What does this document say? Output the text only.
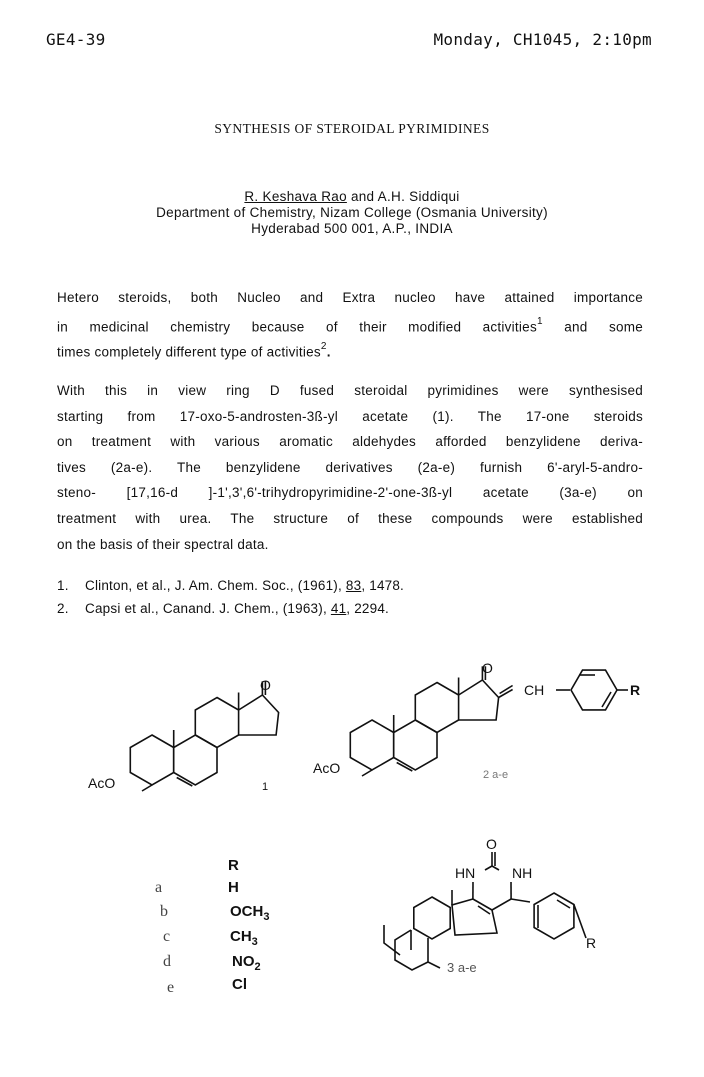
GE4-39	Monday, CH1045, 2:10pm
SYNTHESIS OF STEROIDAL PYRIMIDINES
R. Keshava Rao and A.H. Siddiqui
Department of Chemistry, Nizam College (Osmania University)
Hyderabad 500 001, A.P., INDIA
Hetero steroids, both Nucleo and Extra nucleo have attained importance
in medicinal chemistry because of their modified activities$^1$ and some
times completely different type of activities$^2$.
With this in view ring D fused steroidal pyrimidines were synthesised
starting from 17-oxo-5-androsten-3ß-yl acetate (1). The 17-one steroids
on treatment with various aromatic aldehydes afforded benzylidene deriva-
tives (2a-e). The benzylidene derivatives (2a-e) furnish 6'-aryl-5-andro-
steno- [17,16-d ]-1',3',6'-trihydropyrimidine-2'-one-3ß-yl acetate (3a-e) on
treatment with urea. The structure of these compounds were established
on the basis of their spectral data.
1. Clinton, et al., J. Am. Chem. Soc., (1961), 83, 1478.
2. Capsi et al., Canand. J. Chem., (1963), 41, 2294.
AcO
O
1
AcO
O
CH	R
2 a-e
O
HN	NH
R
3 a-e
R
a	H
b	$OCH_3$
c	$CH_3$
d	$NO_2$
e	Cl
